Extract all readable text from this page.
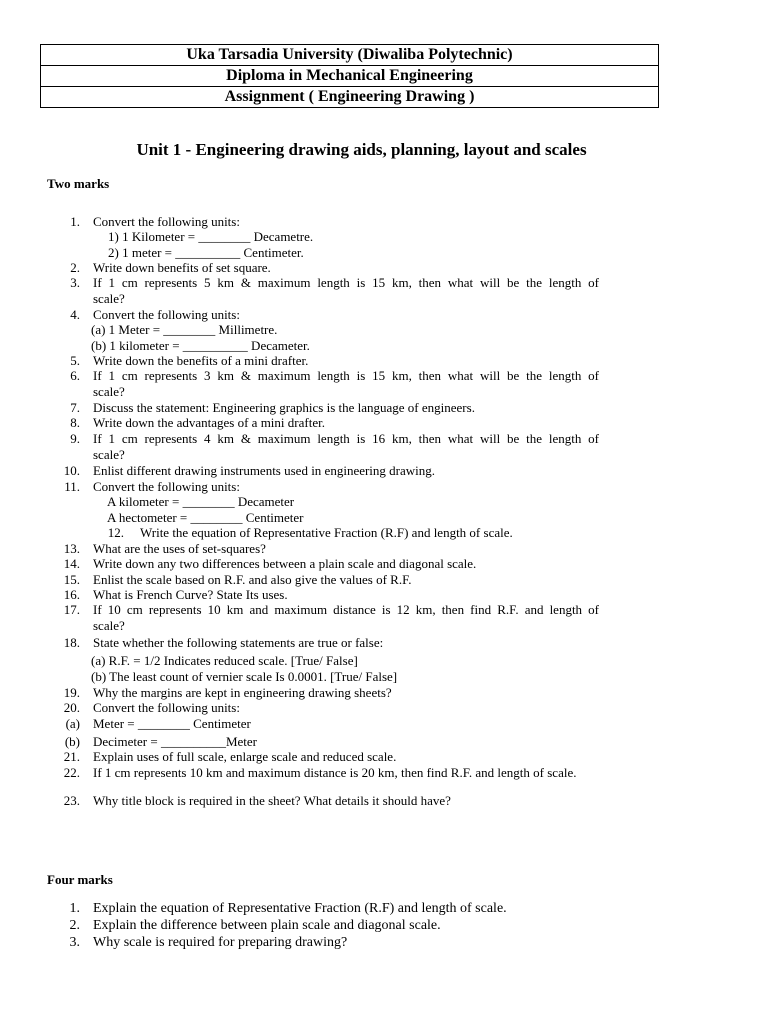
Uka Tarsadia University (Diwaliba Polytechnic)
Diploma in Mechanical Engineering
Assignment ( Engineering Drawing )
Unit 1 - Engineering drawing aids, planning, layout and scales
Two marks
1. Convert the following units:
1) 1 Kilometer = ________ Decametre.
2) 1 meter = __________ Centimeter.
2. Write down benefits of set square.
3. If 1 cm represents 5 km & maximum length is 15 km, then what will be the length of
scale?
4. Convert the following units:
(a) 1 Meter = ________ Millimetre.
(b) 1 kilometer = __________ Decameter.
5. Write down the benefits of a mini drafter.
6. If 1 cm represents 3 km & maximum length is 15 km, then what will be the length of
scale?
7. Discuss the statement: Engineering graphics is the language of engineers.
8. Write down the advantages of a mini drafter.
9. If 1 cm represents 4 km & maximum length is 16 km, then what will be the length of
scale?
10. Enlist different drawing instruments used in engineering drawing.
11. Convert the following units:
A kilometer = ________ Decameter
A hectometer = ________ Centimeter
12. Write the equation of Representative Fraction (R.F) and length of scale.
13. What are the uses of set-squares?
14. Write down any two differences between a plain scale and diagonal scale.
15. Enlist the scale based on R.F. and also give the values of R.F.
16. What is French Curve? State Its uses.
17. If 10 cm represents 10 km and maximum distance is 12 km, then find R.F. and length of
scale?
18. State whether the following statements are true or false:
(a) R.F. = 1/2 Indicates reduced scale. [True/ False]
(b) The least count of vernier scale Is 0.0001. [True/ False]
19. Why the margins are kept in engineering drawing sheets?
20. Convert the following units:
(a) Meter = ________ Centimeter
(b) Decimeter = __________Meter
21. Explain uses of full scale, enlarge scale and reduced scale.
22. If 1 cm represents 10 km and maximum distance is 20 km, then find R.F. and length of scale.
23. Why title block is required in the sheet? What details it should have?
Four marks
1. Explain the equation of Representative Fraction (R.F) and length of scale.
2. Explain the difference between plain scale and diagonal scale.
3. Why scale is required for preparing drawing?
